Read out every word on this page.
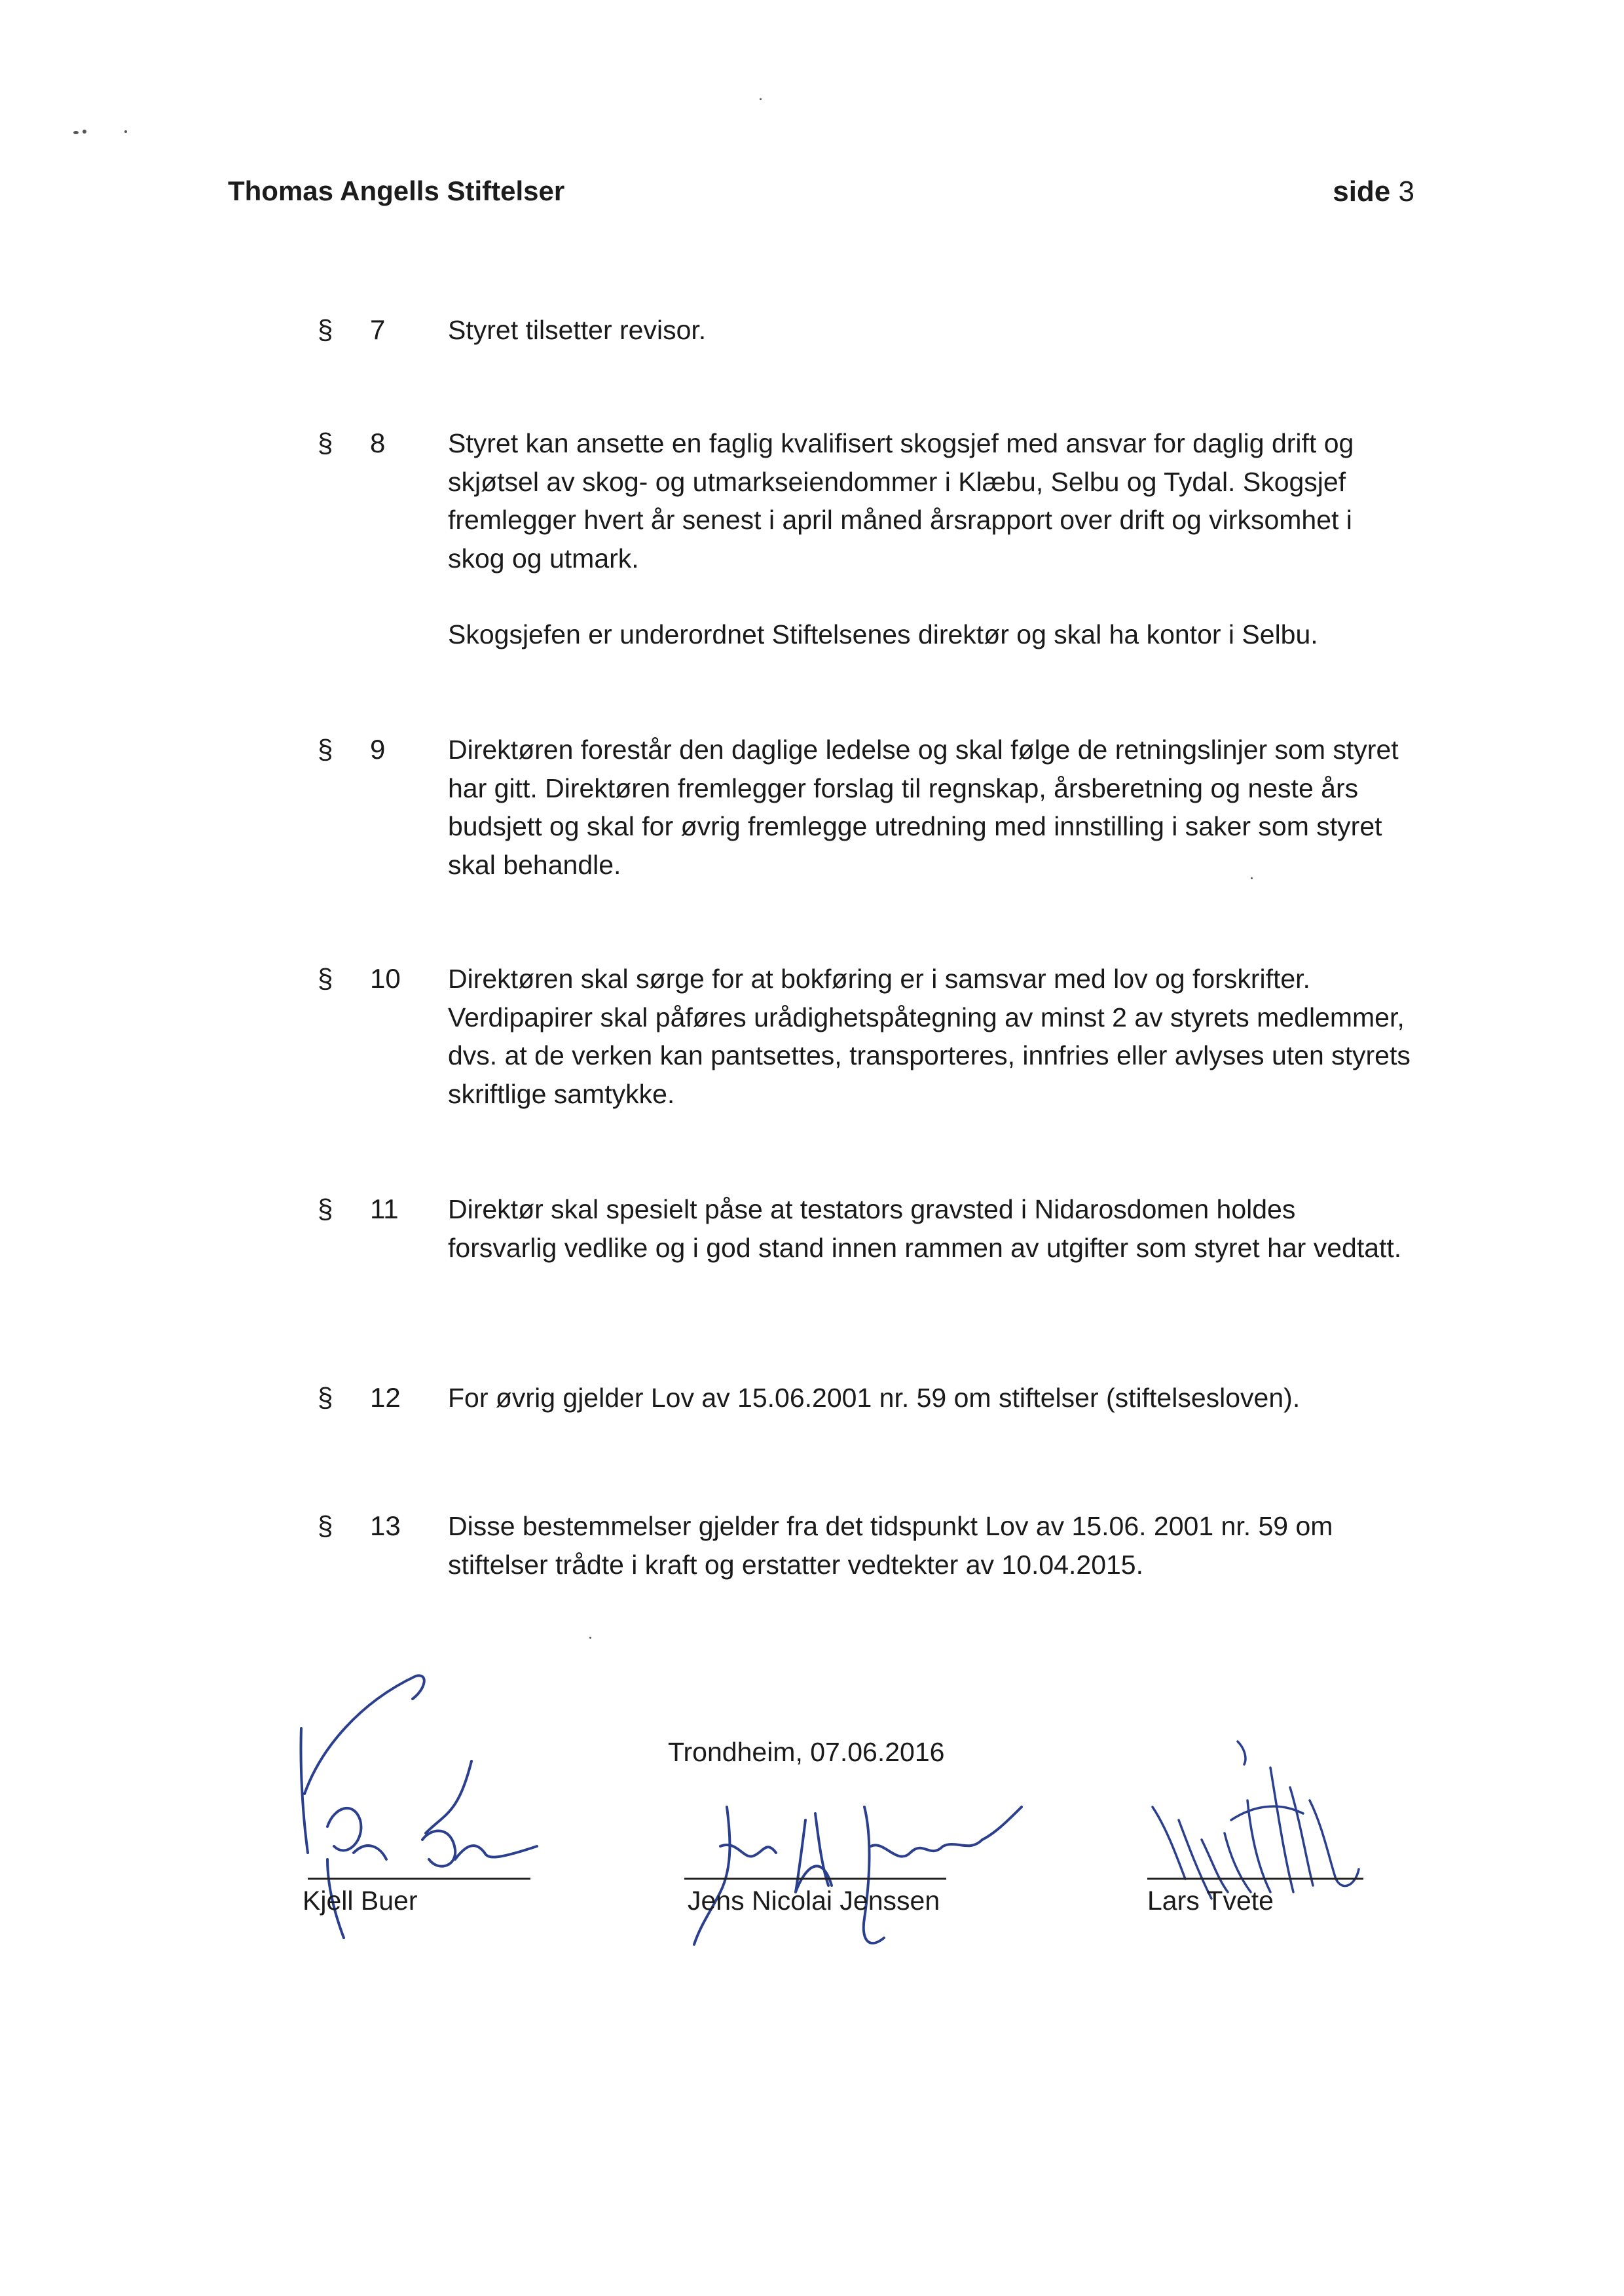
Thomas Angells Stiftelser	side 3
§ 7 Styret tilsetter revisor.

§ 8 Styret kan ansette en faglig kvalifisert skogsjef med ansvar for daglig drift og skjøtsel av skog- og utmarkseiendommer i Klæbu, Selbu og Tydal. Skogsjef fremlegger hvert år senest i april måned årsrapport over drift og virksomhet i skog og utmark.

Skogsjefen er underordnet Stiftelsenes direktør og skal ha kontor i Selbu.

§ 9 Direktøren forestår den daglige ledelse og skal følge de retningslinjer som styret har gitt. Direktøren fremlegger forslag til regnskap, årsberetning og neste års budsjett og skal for øvrig fremlegge utredning med innstilling i saker som styret skal behandle.

§ 10 Direktøren skal sørge for at bokføring er i samsvar med lov og forskrifter. Verdipapirer skal påføres urådighetspåtegning av minst 2 av styrets medlemmer, dvs. at de verken kan pantsettes, transporteres, innfries eller avlyses uten styrets skriftlige samtykke.

§ 11 Direktør skal spesielt påse at testators gravsted i Nidarosdomen holdes forsvarlig vedlike og i god stand innen rammen av utgifter som styret har vedtatt.

§ 12 For øvrig gjelder Lov av 15.06.2001 nr. 59 om stiftelser (stiftelsesloven).

§ 13 Disse bestemmelser gjelder fra det tidspunkt Lov av 15.06. 2001 nr. 59 om stiftelser trådte i kraft og erstatter vedtekter av 10.04.2015.

Trondheim, 07.06.2016
Kjell Buer	Jens Nicolai Jenssen	Lars Tvete
